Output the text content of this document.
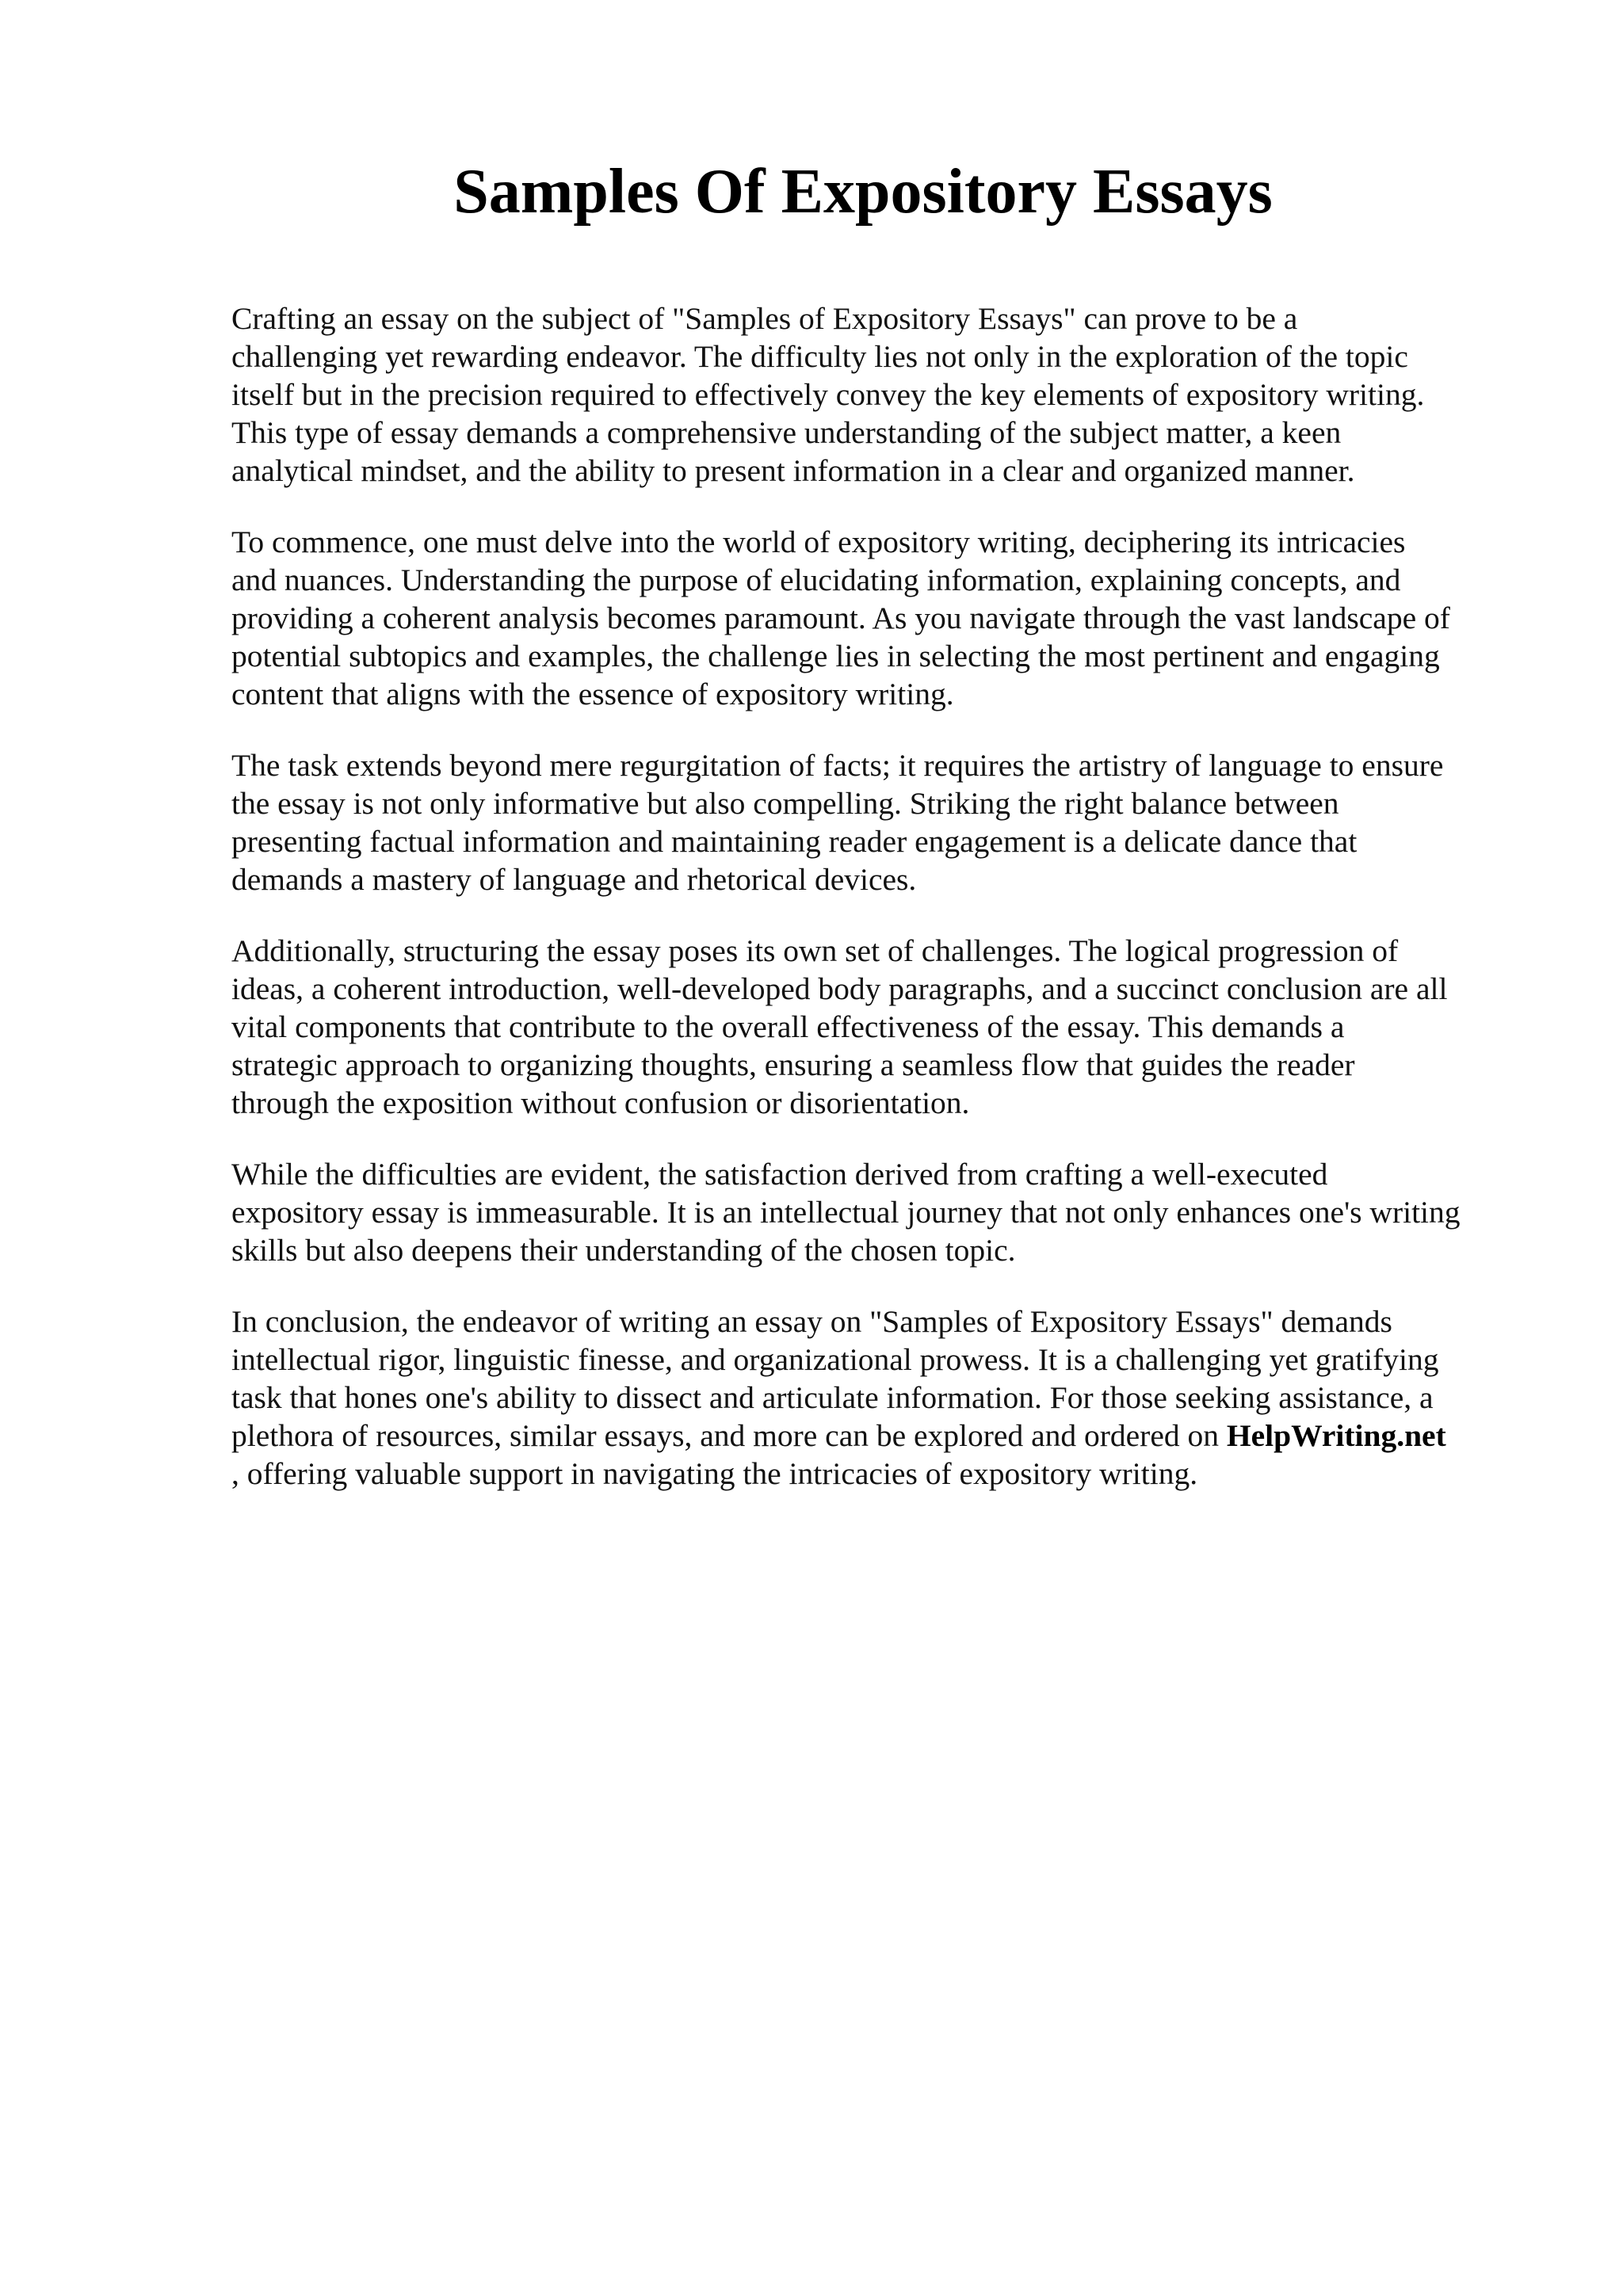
Samples Of Expository Essays

Crafting an essay on the subject of "Samples of Expository Essays" can prove to be a
challenging yet rewarding endeavor. The difficulty lies not only in the exploration of the topic
itself but in the precision required to effectively convey the key elements of expository writing.
This type of essay demands a comprehensive understanding of the subject matter, a keen
analytical mindset, and the ability to present information in a clear and organized manner.

To commence, one must delve into the world of expository writing, deciphering its intricacies
and nuances. Understanding the purpose of elucidating information, explaining concepts, and
providing a coherent analysis becomes paramount. As you navigate through the vast landscape of
potential subtopics and examples, the challenge lies in selecting the most pertinent and engaging
content that aligns with the essence of expository writing.

The task extends beyond mere regurgitation of facts; it requires the artistry of language to ensure
the essay is not only informative but also compelling. Striking the right balance between
presenting factual information and maintaining reader engagement is a delicate dance that
demands a mastery of language and rhetorical devices.

Additionally, structuring the essay poses its own set of challenges. The logical progression of
ideas, a coherent introduction, well-developed body paragraphs, and a succinct conclusion are all
vital components that contribute to the overall effectiveness of the essay. This demands a
strategic approach to organizing thoughts, ensuring a seamless flow that guides the reader
through the exposition without confusion or disorientation.

While the difficulties are evident, the satisfaction derived from crafting a well-executed
expository essay is immeasurable. It is an intellectual journey that not only enhances one's writing
skills but also deepens their understanding of the chosen topic.

In conclusion, the endeavor of writing an essay on "Samples of Expository Essays" demands
intellectual rigor, linguistic finesse, and organizational prowess. It is a challenging yet gratifying
task that hones one's ability to dissect and articulate information. For those seeking assistance, a
plethora of resources, similar essays, and more can be explored and ordered on HelpWriting.net
, offering valuable support in navigating the intricacies of expository writing.
